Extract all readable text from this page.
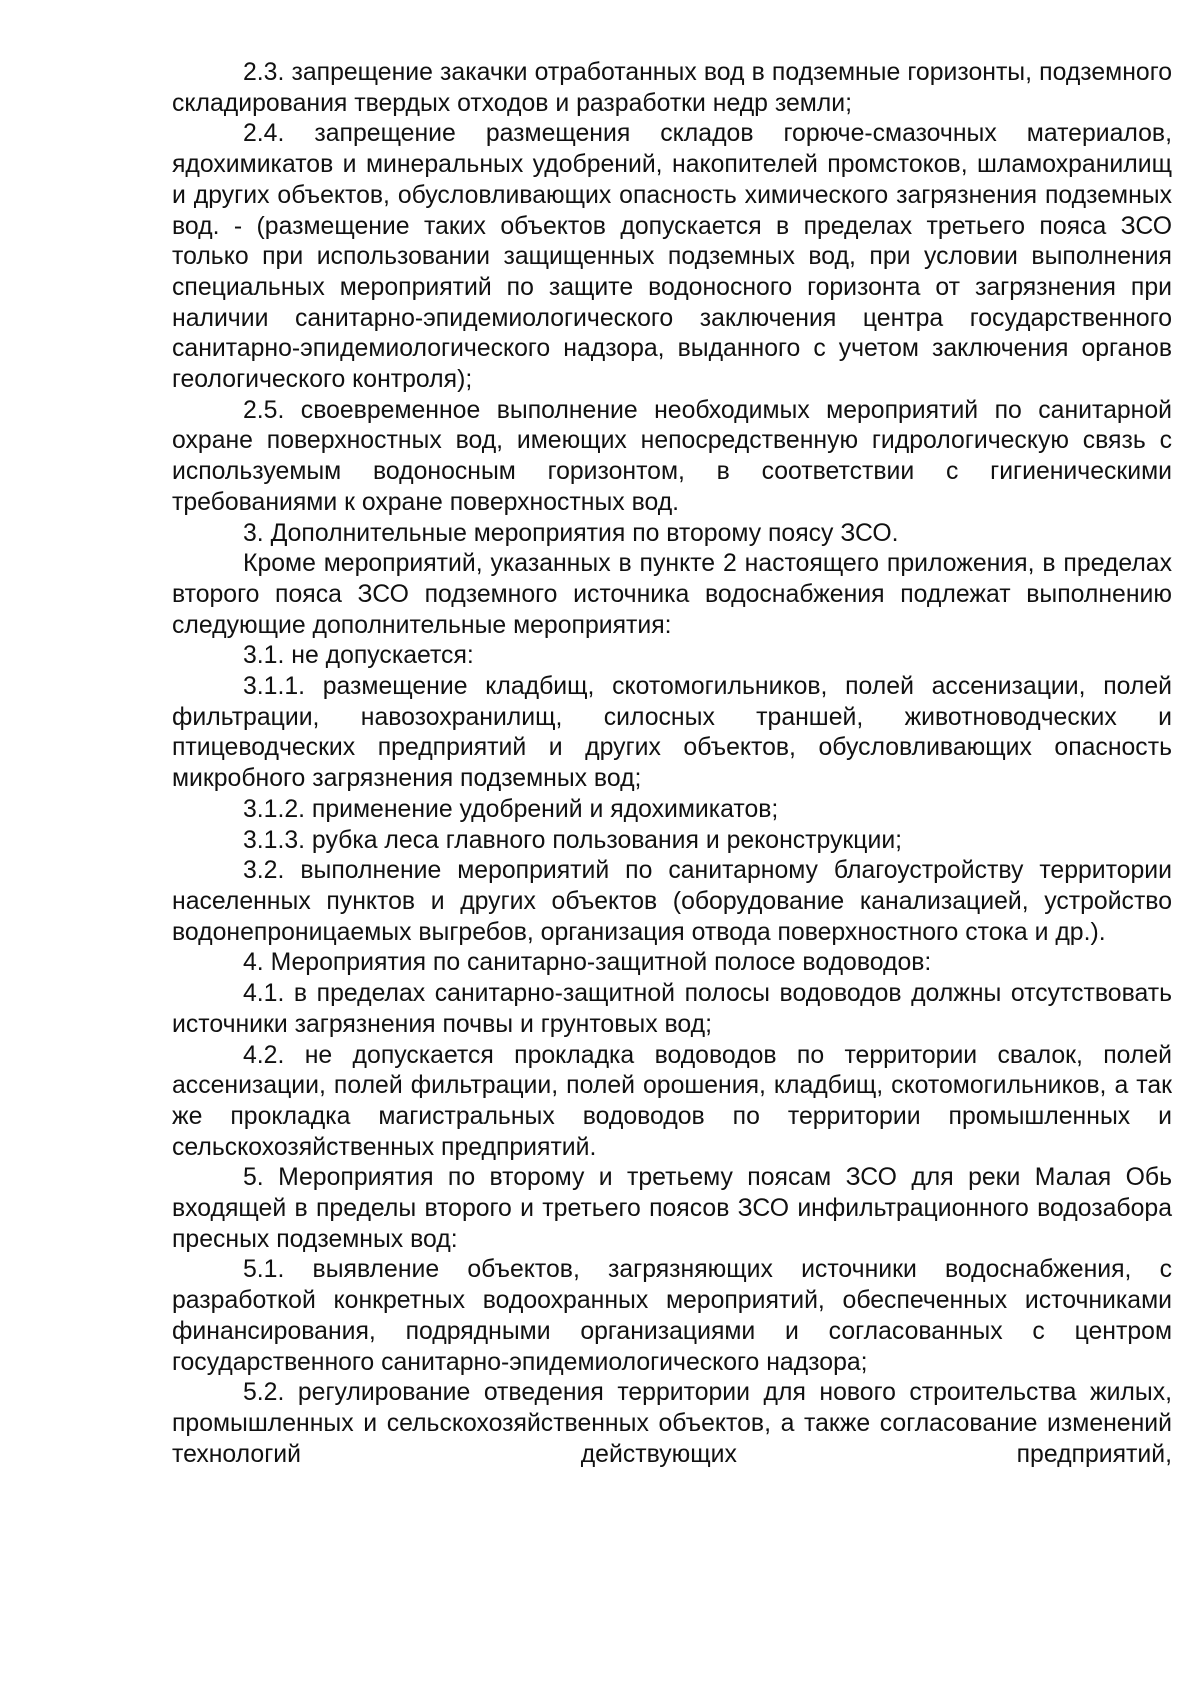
2.3. запрещение закачки отработанных вод в подземные горизонты, подземного складирования твердых отходов и разработки недр земли;

2.4. запрещение размещения складов горюче-смазочных материалов, ядохимикатов и минеральных удобрений, накопителей промстоков, шламохранилищ и других объектов, обусловливающих опасность химического загрязнения подземных вод. - (размещение таких объектов допускается в пределах третьего пояса ЗСО только при использовании защищенных подземных вод, при условии выполнения специальных мероприятий по защите водоносного горизонта от загрязнения при наличии санитарно-эпидемиологического заключения центра государственного санитарно-эпидемиологического надзора, выданного с учетом заключения органов геологического контроля);

2.5. своевременное выполнение необходимых мероприятий по санитарной охране поверхностных вод, имеющих непосредственную гидрологическую связь с используемым водоносным горизонтом, в соответствии с гигиеническими требованиями к охране поверхностных вод.

3. Дополнительные мероприятия по второму поясу ЗСО.

Кроме мероприятий, указанных в пункте 2 настоящего приложения, в пределах второго пояса ЗСО подземного источника водоснабжения подлежат выполнению следующие дополнительные мероприятия:

3.1. не допускается:

3.1.1. размещение кладбищ, скотомогильников, полей ассенизации, полей фильтрации, навозохранилищ, силосных траншей, животноводческих и птицеводческих предприятий и других объектов, обусловливающих опасность микробного загрязнения подземных вод;

3.1.2. применение удобрений и ядохимикатов;

3.1.3. рубка леса главного пользования и реконструкции;

3.2. выполнение мероприятий по санитарному благоустройству территории населенных пунктов и других объектов (оборудование канализацией, устройство водонепроницаемых выгребов, организация отвода поверхностного стока и др.).

4. Мероприятия по санитарно-защитной полосе водоводов:

4.1. в пределах санитарно-защитной полосы водоводов должны отсутствовать источники загрязнения почвы и грунтовых вод;

4.2. не допускается прокладка водоводов по территории свалок, полей ассенизации, полей фильтрации, полей орошения, кладбищ, скотомогильников, а так же прокладка магистральных водоводов по территории промышленных и сельскохозяйственных предприятий.

5. Мероприятия по второму и третьему поясам ЗСО для реки Малая Обь входящей в пределы второго и третьего поясов ЗСО инфильтрационного водозабора пресных подземных вод:

5.1. выявление объектов, загрязняющих источники водоснабжения, с разработкой конкретных водоохранных мероприятий, обеспеченных источниками финансирования, подрядными организациями и согласованных с центром государственного санитарно-эпидемиологического надзора;

5.2. регулирование отведения территории для нового строительства жилых, промышленных и сельскохозяйственных объектов, а также согласование изменений технологий действующих предприятий,
